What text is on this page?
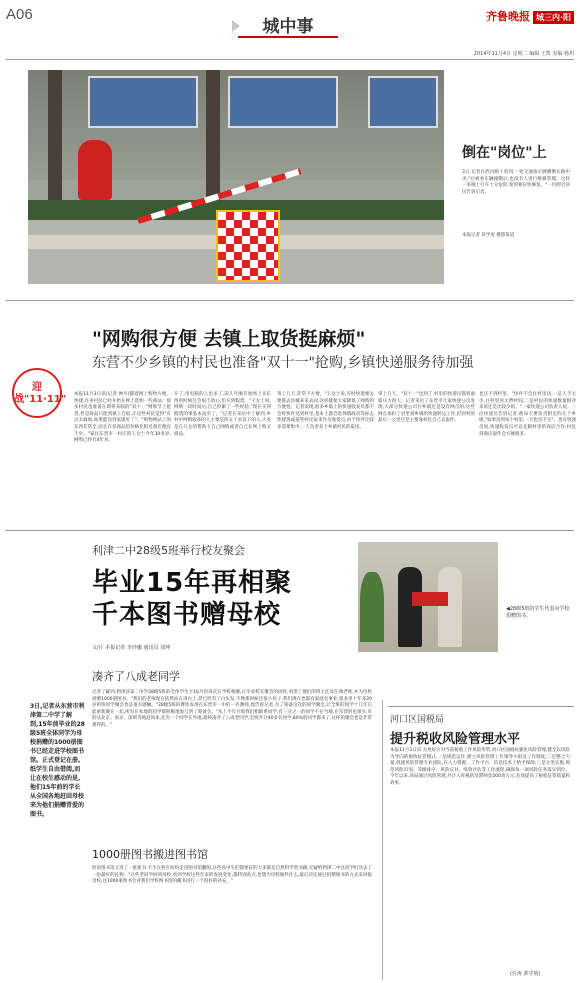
A06
城中事
齐鲁晚报 城三内·阳
2014年11月4日 星期二 编辑 王凯 美编 杨玥
倒在"岗位"上
3日,记者在西昌路上看到,一处交通指示牌横倒在路中央,"后被看车辆撞倒后,也没有人进行维修管理。这样一来晚上行车十分危险,希望相应快修复。"一位附近居民告诉记者。
本报记者 段学虎 摄影报道
"网购很方便 去镇上取货挺麻烦"
东营不少乡镇的村民也准备"双十一"抢购,乡镇快递服务待加强
迎战"11·11" 本报11月3日讯(记者 神川)随着网上购物方便、快捷,许多村民已经开始在网上选购一些商品。很多村民也准备在即将来临的"双十一"网购节上抢货,但是商品只能到镇上自取,让这些村民觉得"有点太麻烦,如果能送到家就好了"。"购物网站上的东西非常全,而且许多商品的价格比附近商店便宜不少。"家住东营市一村庄的王女士今年30多岁,网购已经有4年多。
开了,用电脑的人也多了,前几年刚开始网上买东西的时候还会很不放心,怕买到假货。"王女士说,网购一段时间后,自己积累了一些经验,"现在买到假货的事基本没有了。"记者在采访中了解到,乡村中网购较多的人主要是四五十岁以下的人,大多是在儿女的帮助下自己网购或者自己在网上购买商品。
寄上几天,非常不方便。"王女士说,有时快递要去要都去县城来来去回,这样就使大家降低了网购的方便性。记者发现,很多乡镇上的快递收发员都不会将快件送到村里,基本上都会选择镇政府等标志性建筑或某些村民家来作为收货点,由于快件比较多需要集中,一人负责多个乡镇村民的取送。
零上几天。"双十一"也到了,村里的快递员都将面临压力很大。记者采访了东营市几家快递公司发现,大部分快递公司在乡镇还是设有网点的,这些网点承担了县里到乡镇的快递转运工作,但到村的最后一公里还是主要靠村民自己去取件。
也还不到村里。"快件不会往村里送,一是人手太少,往村里送太费时间,二是村民的快递数量相对来说还是比较少的。"一家快递公司负责人说。一位快递员告诉记者,他每天要负责附近的几个乡镇,"如果送到每个村里,一天也送不完"。也有快递员说,快递收发点可以先跟村里的商店合作,村民到商店取件会方便很多。
利津二中28级5班举行校友聚会
毕业15年再相聚
千本图书赠母校
文/片 本报记者 李沙娜 通讯员 刘坤
◀28级5班的学生代表向学校捐赠图书。
凑齐了八成老同学
3日,记者从东营市利津第二中学了解到,15年前毕业的28级5班全体同学为母校捐赠的1000册图书已经走进学校图书馆。正式登记在册。纸学生自由借阅,而让在校生感动的是,他们15年前的学长从全国各地赶回母校来为他们捐赠青爱的图书。
记者了解到,利津县第二中学28级5班的全体学生于10月份再次在学校相聚,在毕业校友聚会的同时,看望了他们的班主任及任课老师,并为母校捐赠1000册图书。"我们的老师现在依然站在讲台上,但已经有了白头发,不像那时候还很小伙子,我们现在也都有家庭有事业,很多里十年多20岁的班同学聚会也是很有感触。"28级5班的曹炜发现在东营市一中的一名教师,他告诉记者,为了筹备这次的同学聚会,让全班的同学十几年后能重新聚在一起,所有在本地的同学都积极地参与到了筹备会。"从上半年开始我们相联系同学,有三分之一的同学不在当地,在东营的也很少,有的从北京、南京、深圳等地赶回来,还有一个同学在外地,最终凑齐了八成老同学,全班共计40多名同学,80%的同学都来了,这样的聚会也是非常难得的。"
1000册图书搬进图书馆
听说图书馆又进了一批新书,不少在校生纷纷走进图书馆翻阅,这些高中生们都要赶的大多都是自然科学类书籍,无疑给利津二中这同学们送去了一份最好的礼物。"这些老同学回到母校,看到学校这些年来的发展变化,都特别高兴,也想为母校做些什么,最后决定通过捐赠图书的方式来回报母校,这1000册图书会对我们学校图书馆的藏书进行一个很好的补充。"
河口区国税局
提升税收风险管理水平
本报11月3日讯 为更好应对当前税收工作风险形势,河口区国税局强化风险管理,健全以风险为导向的税收征管模式,一是规范运作,建立风险管理工作领导小组及工作制度;二是整合力量,组建风险管理专业团队,在人力资源、工作平台、信息技术上给予保障;三是分类实施,规范风险识别、等级排序、风险应对、绩效评估等工作流程,确保每一项风险任务落实到位。今年以来,该局通过风险管理,共计入库税款及滞纳金200余万元,有效提高了税收征管质量和效率。
(任涛 郭学雨)
